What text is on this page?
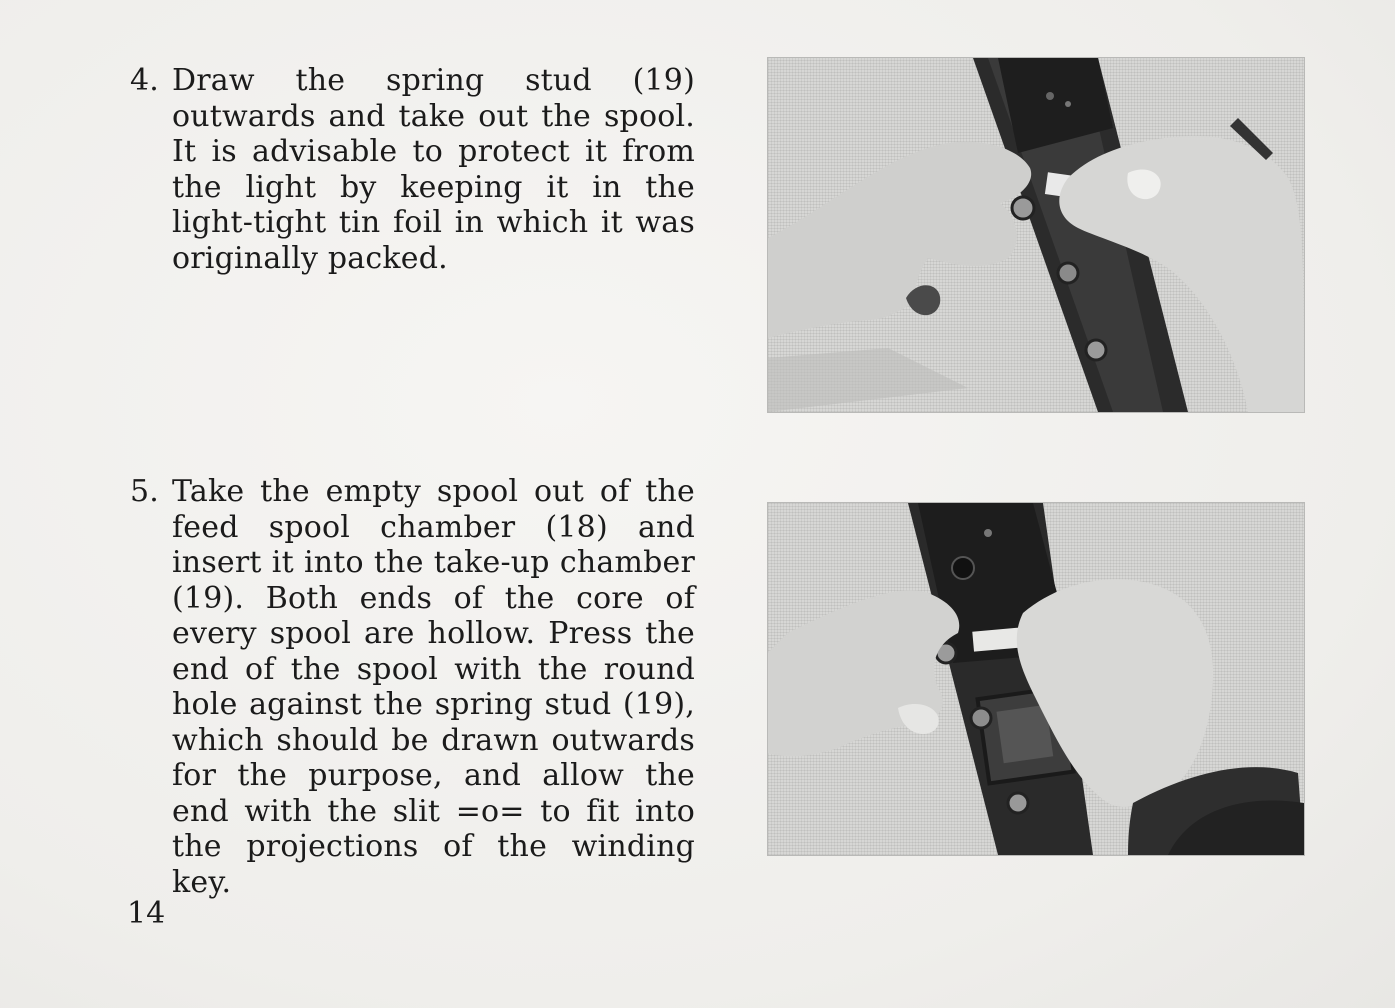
4. Draw the spring stud (19) outwards and take out the spool. It is advisable to protect it from the light by keeping it in the light-tight tin foil in which it was originally packed.
5. Take the empty spool out of the feed spool chamber (18) and insert it into the take-up chamber (19). Both ends of the core of every spool are hollow. Press the end of the spool with the round hole against the spring stud (19), which should be drawn outwards for the purpose, and allow the end with the slit =o= to fit into the projections of the winding key.
14
